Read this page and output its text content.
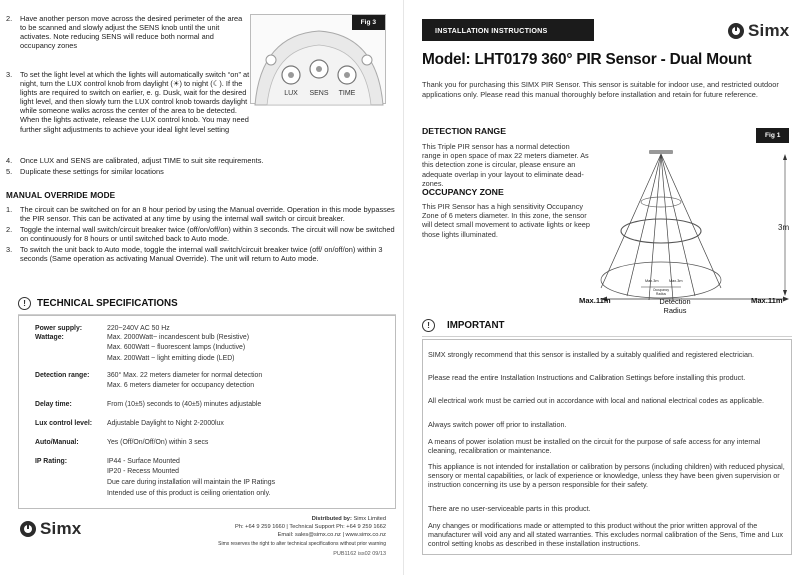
2. Have another person move across the desired perimeter of the area to be scanned and slowly adjust the SENS knob until the unit activates. Note reducing SENS will reduce both normal and occupancy zones
3. To set the light level at which the lights will automatically switch “on” at night, turn the LUX control knob from daylight (☀) to night (☾). If the lights are required to switch on earlier, e. g. Dusk, wait for the desired light level, and then slowly turn the LUX control knob towards daylight while someone walks across the center of the area to be detected. When the lights activate, release the LUX control knob. You may need further slight adjustments to achieve your ideal light level setting
Fig 3
LUX SENS TIME
4. Once LUX and SENS are calibrated, adjust TIME to suit site requirements.
5. Duplicate these settings for similar locations
MANUAL OVERRIDE MODE
1. The circuit can be switched on for an 8 hour period by using the Manual override. Operation in this mode bypasses the PIR sensor. This can be activated at any time by using the internal wall switch or circuit breaker.
2. Toggle the internal wall switch/circuit breaker twice (off/on/off/on) within 3 seconds. The circuit will now be switched on continuously for 8 hours or until switched back to Auto mode.
3. To switch the unit back to Auto mode, toggle the internal wall switch/circuit breaker twice (off/ on/off/on) within 3 seconds (Same operation as activating Manual Override). The unit will return to Auto mode.
!	TECHNICAL SPECIFICATIONS
Power supply:	220~240V AC 50 Hz
Wattage:	Max. 2000Watt~ incandescent bulb (Resistive)
Max. 600Watt ~ fluorescent lamps (Inductive)
Max. 200Watt ~ light emitting diode (LED)
Detection range:	360° Max. 22 meters diameter for normal detection
Max. 6 meters diameter for occupancy detection
Delay time:	From (10±5) seconds to (40±5) minutes adjustable
Lux control level:	Adjustable Daylight to Night 2-2000lux
Auto/Manual:	Yes (Off/On/Off/On) within 3 secs
IP Rating:	IP44 - Surface Mounted
IP20 - Recess Mounted
Due care during installation will maintain the IP Ratings
Intended use of this product is ceiling orientation only.
Simx	Distributed by: Simx Limited
Ph: +64 9 259 1660 | Technical Support Ph: +64 9 259 1662
Email: sales@simx.co.nz | www.simx.co.nz
Simx reserves the right to alter technical specifications without prior warning
PUB1162 iss02 09/13
INSTALLATION INSTRUCTIONS	Simx
Model: LHT0179 360° PIR Sensor - Dual Mount
Thank you for purchasing this SIMX PIR Sensor. This sensor is suitable for indoor use, and restricted outdoor applications only. Please read this manual thoroughly before installation and retain for future reference.
DETECTION RANGE
This Triple PIR sensor has a normal detection range in open space of max 22 meters diameter. As this detection zone is circular, please ensure an adequate overlap in your layout to eliminate dead-zones.
OCCUPANCY ZONE
This PIR Sensor has a high sensitivity Occupancy Zone of 6 meters diameter. In this zone, the sensor will detect small movement to activate lights or keep those lights illuminated.
Fig 1
3m
Max.3m	Max.3m
Occupancy
Radius
Max.11m	Max.11m
Detection
Radius
!	IMPORTANT
SIMX strongly recommend that this sensor is installed by a suitably qualified and registered electrician.
Please read the entire Installation Instructions and Calibration Settings before installing this product.
All electrical work must be carried out in accordance with local and national electrical codes as applicable.
Always switch power off prior to installation.
A means of power isolation must be installed on the circuit for the purpose of safe access for any internal cleaning, recalibration or maintenance.
This appliance is not intended for installation or calibration by persons (including children) with reduced physical, sensory or mental capabilities, or lack of experience or knowledge, unless they have been given supervision or instruction concerning its use by a person responsible for their safety.
There are no user-serviceable parts in this product.
Any changes or modifications made or attempted to this product without the prior written approval of the manufacturer will void any and all stated warranties. This excludes normal calibration of the Sens, Time and Lux control setting knobs as described in these installation instructions.
